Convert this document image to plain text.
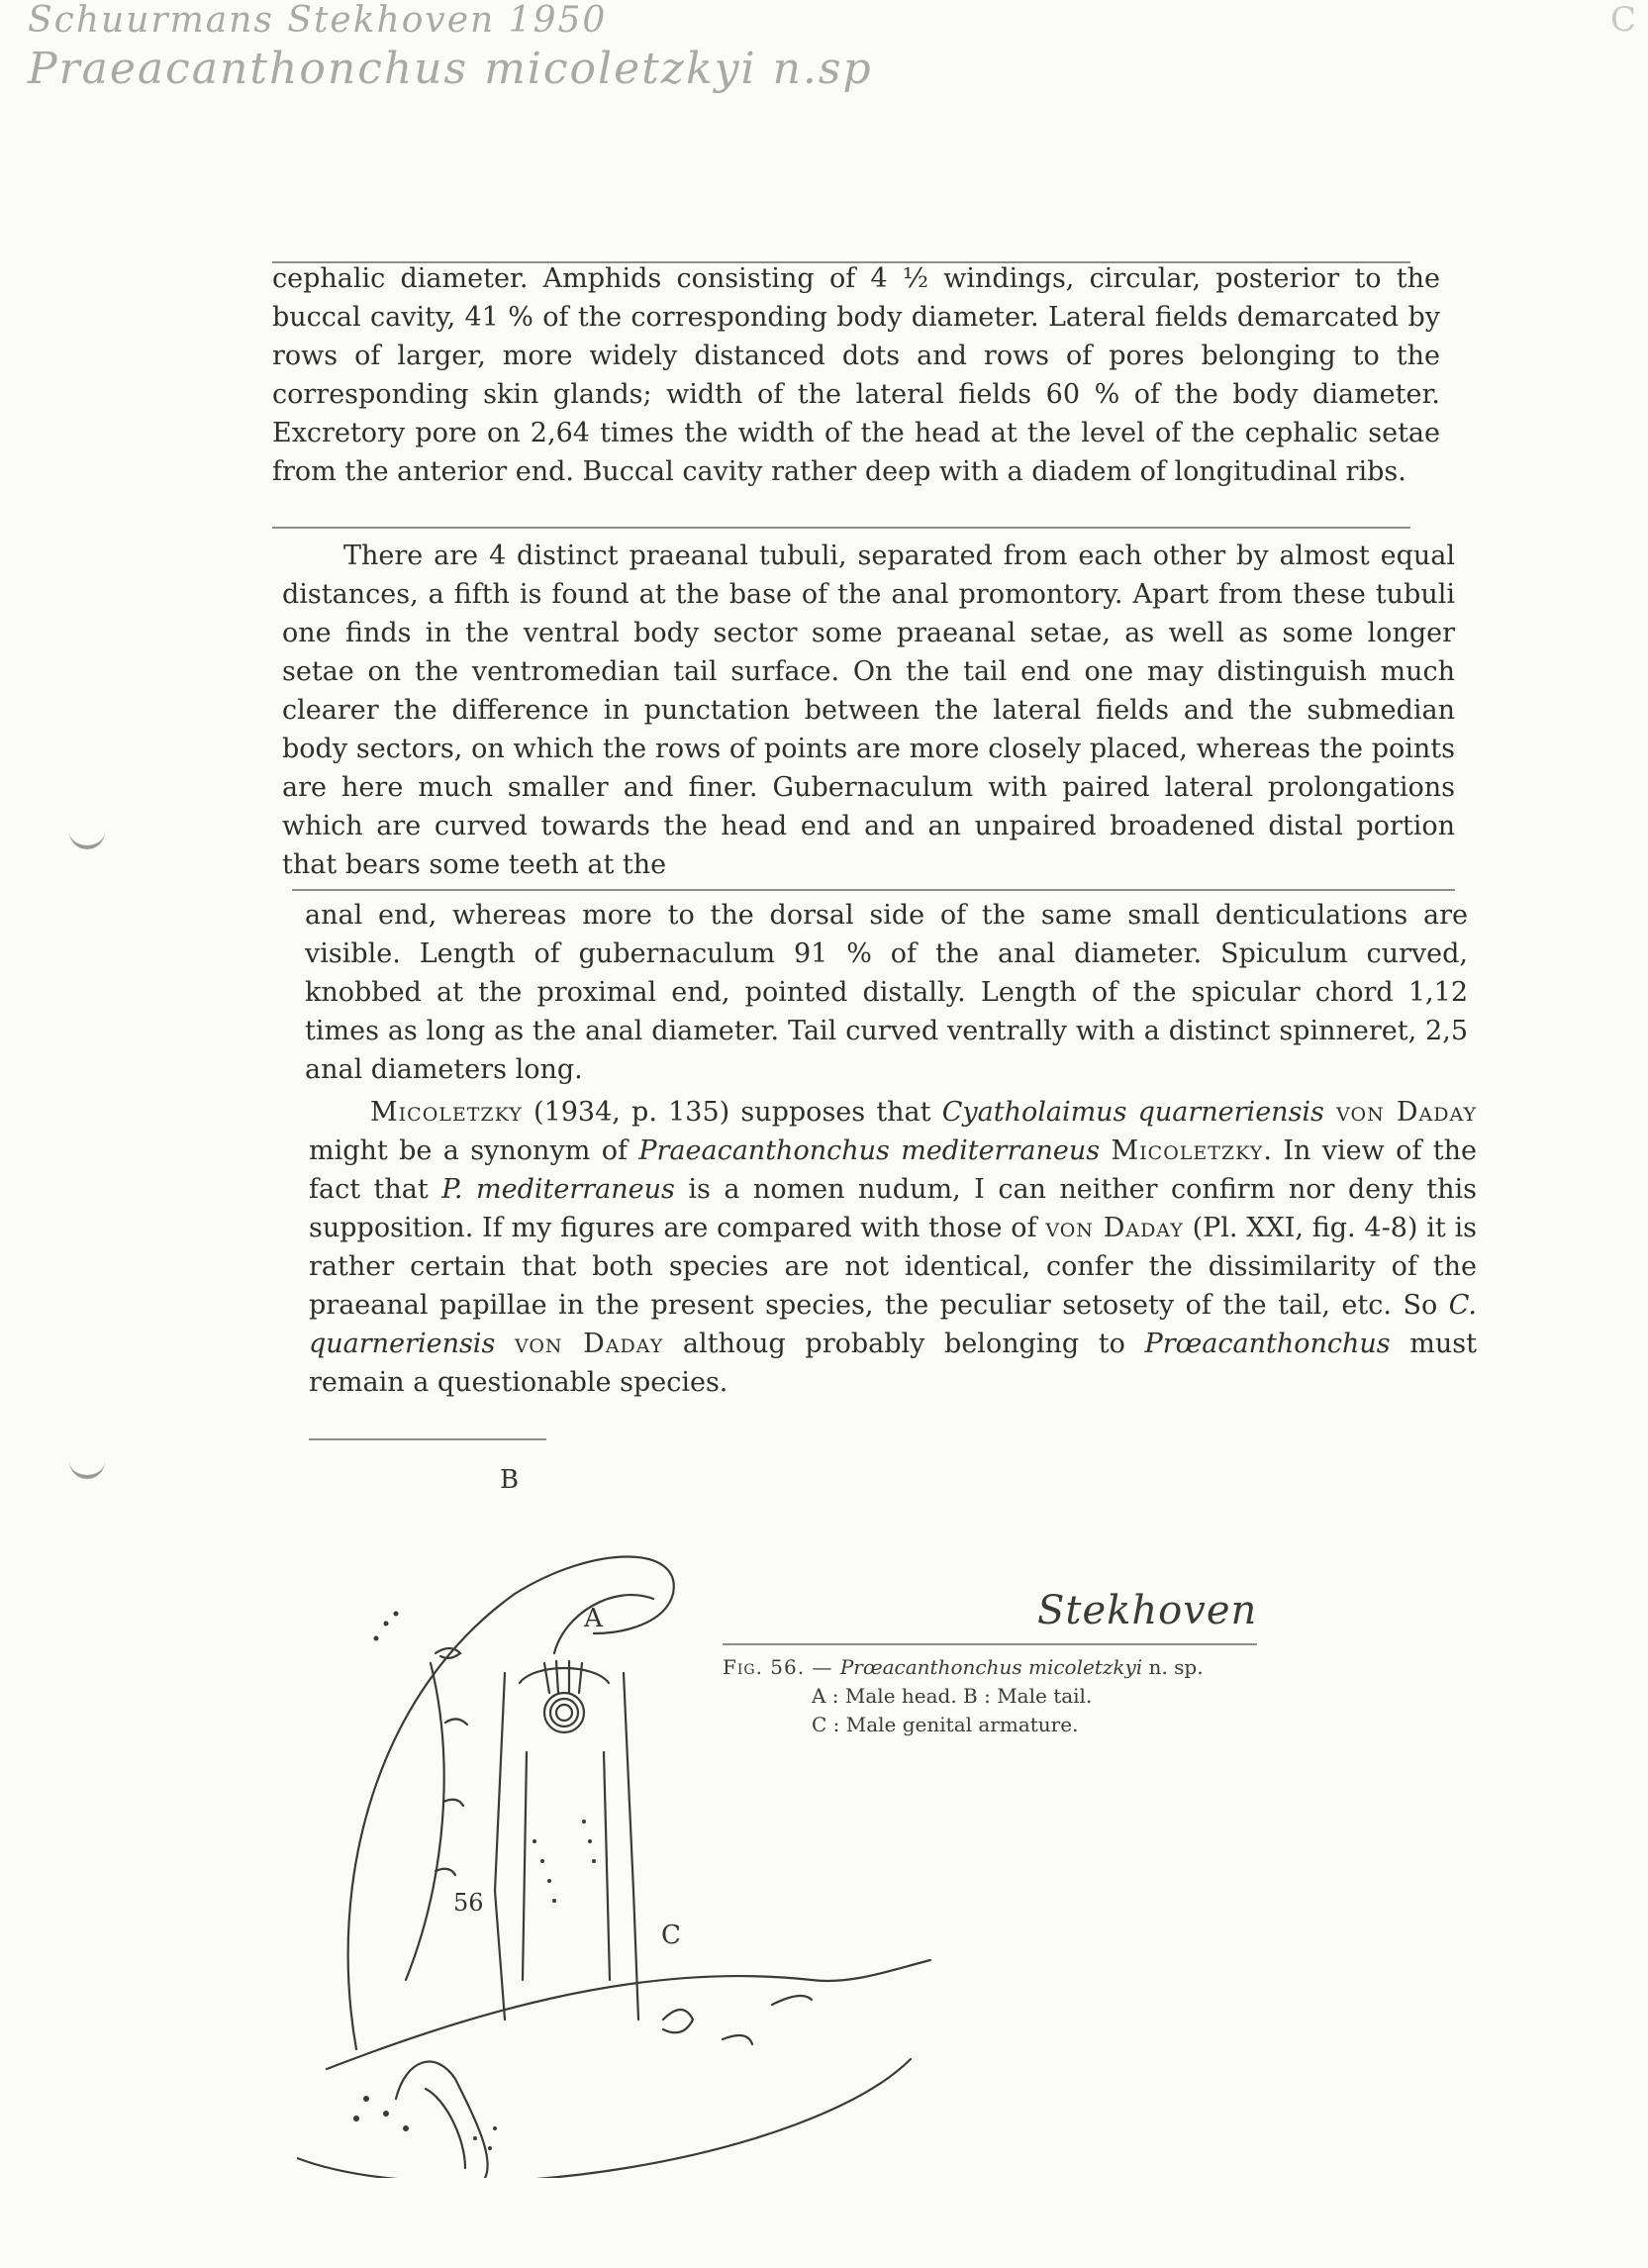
Schuurmans Stekhoven 1950
Praeacanthonchus micoletzkyi n.sp
C

cephalic diameter. Amphids consisting of 4 ½ windings, circular, posterior to the buccal cavity, 41 % of the corresponding body diameter. Lateral fields demarcated by rows of larger, more widely distanced dots and rows of pores belonging to the corresponding skin glands; width of the lateral fields 60 % of the body diameter. Excretory pore on 2,64 times the width of the head at the level of the cephalic setae from the anterior end. Buccal cavity rather deep with a diadem of longitudinal ribs.

There are 4 distinct praeanal tubuli, separated from each other by almost equal distances, a fifth is found at the base of the anal promontory. Apart from these tubuli one finds in the ventral body sector some praeanal setae, as well as some longer setae on the ventromedian tail surface. On the tail end one may distinguish much clearer the difference in punctation between the lateral fields and the submedian body sectors, on which the rows of points are more closely placed, whereas the points are here much smaller and finer. Gubernaculum with paired lateral prolongations which are curved towards the head end and an unpaired broadened distal portion that bears some teeth at the

anal end, whereas more to the dorsal side of the same small denticulations are visible. Length of gubernaculum 91 % of the anal diameter. Spiculum curved, knobbed at the proximal end, pointed distally. Length of the spicular chord 1,12 times as long as the anal diameter. Tail curved ventrally with a distinct spinneret, 2,5 anal diameters long.

Micoletzky (1934, p. 135) supposes that Cyatholaimus quarneriensis von Daday might be a synonym of Praeacanthonchus mediterraneus Micoletzky. In view of the fact that P. mediterraneus is a nomen nudum, I can neither confirm nor deny this supposition. If my figures are compared with those of von Daday (Pl. XXI, fig. 4-8) it is rather certain that both species are not identical, confer the dissimilarity of the praeanal papillae in the present species, the peculiar setosety of the tail, etc. So C. quarneriensis von Daday althoug probably belonging to Prœacanthonchus must remain a questionable species.

B
A
C
56
Stekhoven
Fig. 56. — Prœacanthonchus micoletzkyi n. sp.
A : Male head. B : Male tail.
C : Male genital armature.
